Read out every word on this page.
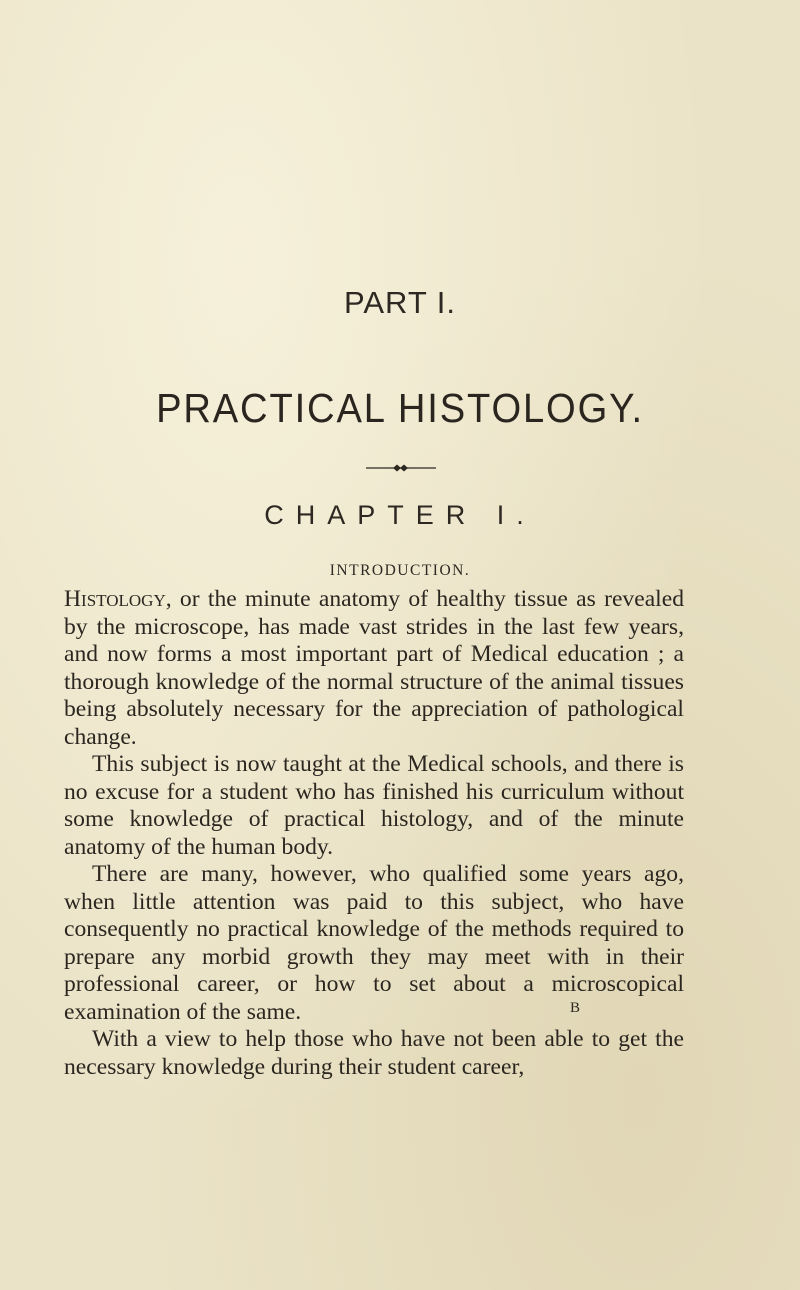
PART I.
PRACTICAL HISTOLOGY.
CHAPTER I.
INTRODUCTION.

Histology, or the minute anatomy of healthy tissue as revealed by the microscope, has made vast strides in the last few years, and now forms a most important part of Medical education ; a thorough knowledge of the normal structure of the animal tissues being absolutely necessary for the appreciation of pathological change.

This subject is now taught at the Medical schools, and there is no excuse for a student who has finished his curriculum without some knowledge of practical histology, and of the minute anatomy of the human body.

There are many, however, who qualified some years ago, when little attention was paid to this subject, who have consequently no practical knowledge of the methods required to prepare any morbid growth they may meet with in their professional career, or how to set about a microscopical examination of the same.

With a view to help those who have not been able to get the necessary knowledge during their student career,

B
